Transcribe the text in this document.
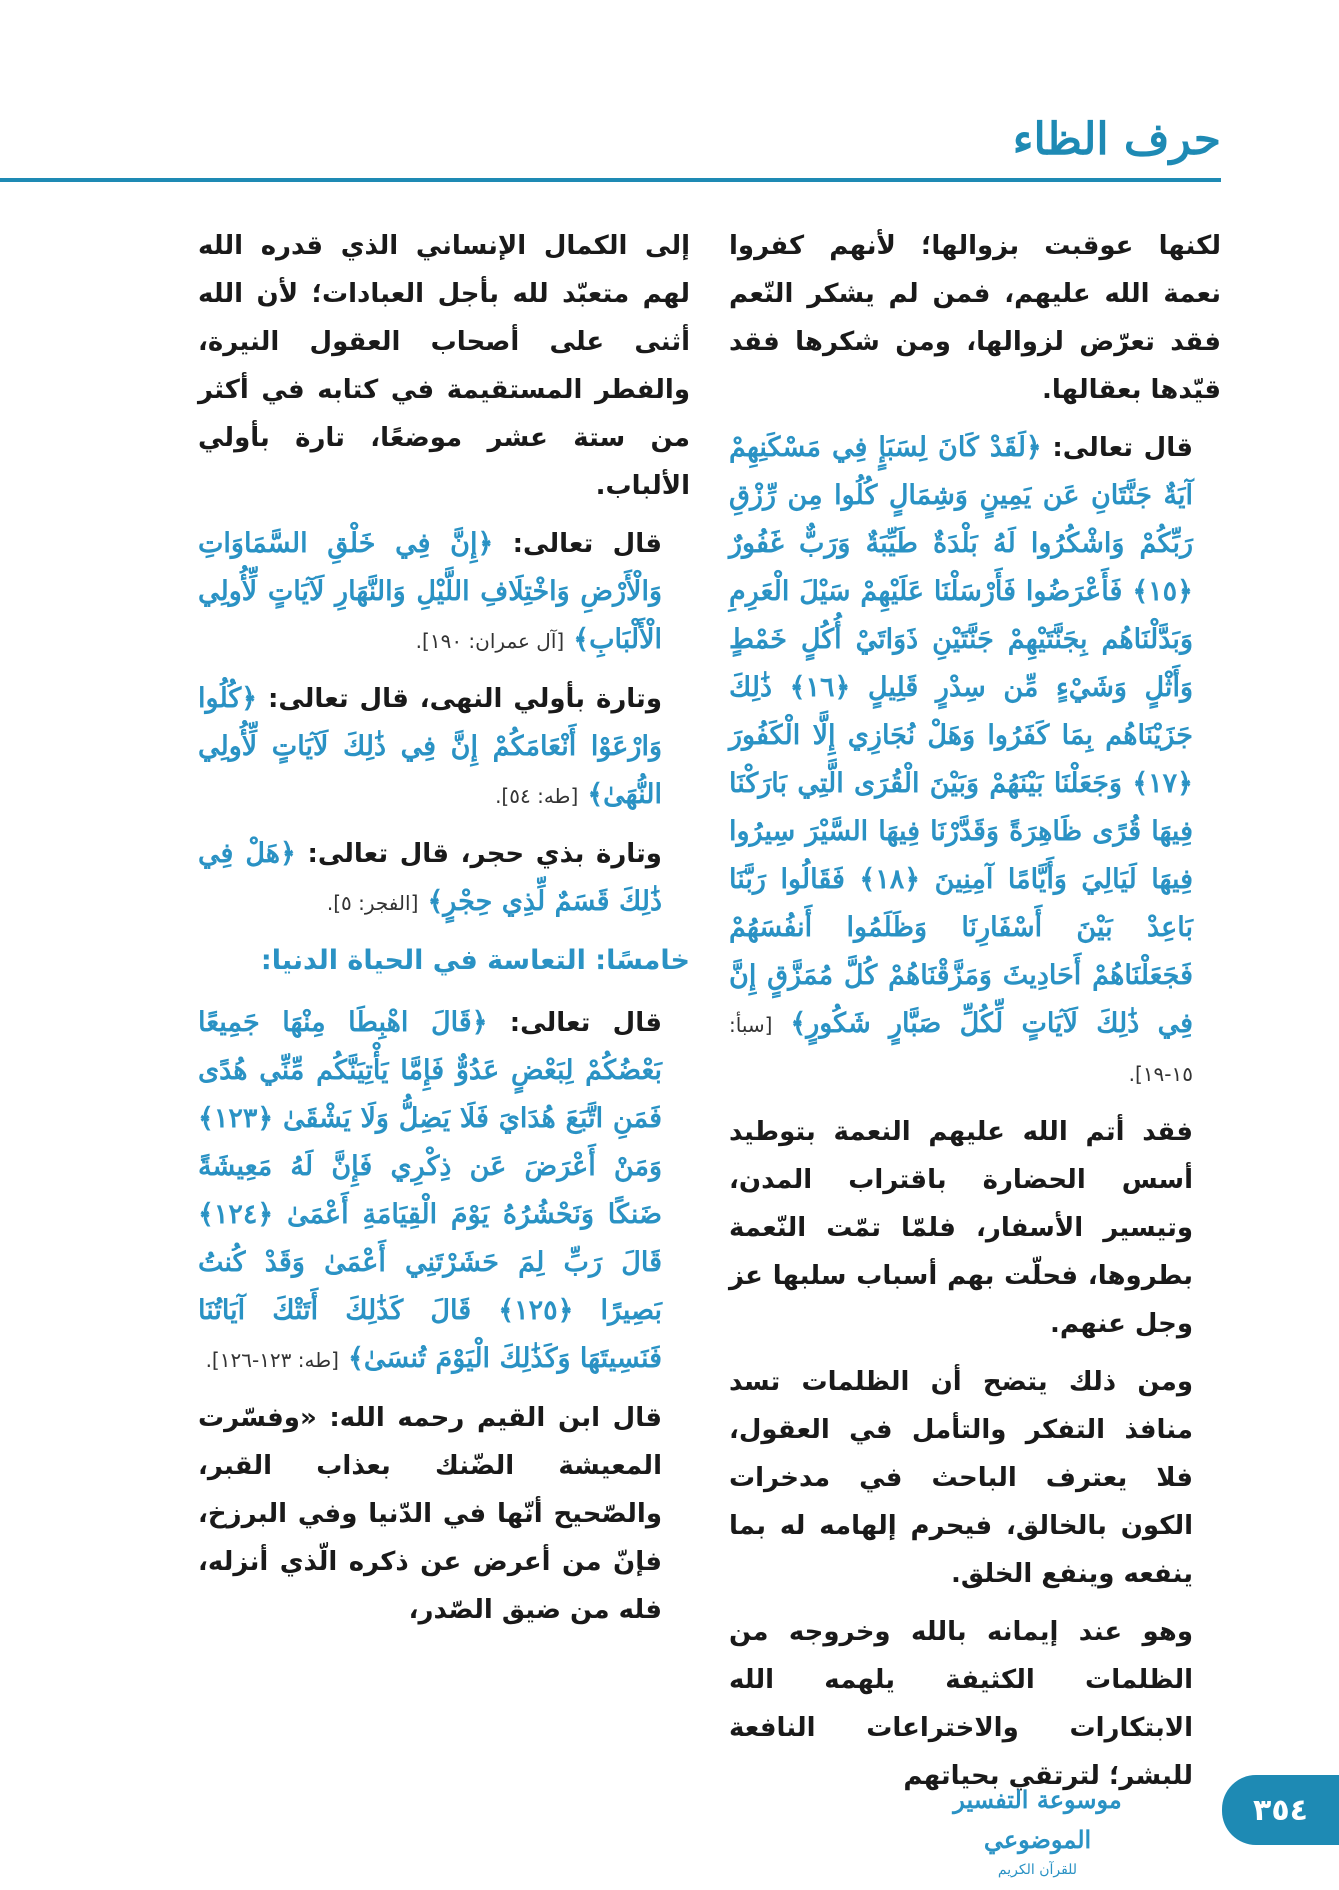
حرف الظاء

لكنها عوقبت بزوالها؛ لأنهم كفروا نعمة الله عليهم، فمن لم يشكر النّعم فقد تعرّض لزوالها، ومن شكرها فقد قيّدها بعقالها.

قال تعالى: ﴿لَقَدْ كَانَ لِسَبَإٍ فِي مَسْكَنِهِمْ آيَةٌ جَنَّتَانِ عَن يَمِينٍ وَشِمَالٍ كُلُوا مِن رِّزْقِ رَبِّكُمْ وَاشْكُرُوا لَهُ بَلْدَةٌ طَيِّبَةٌ وَرَبٌّ غَفُورٌ ﴿١٥﴾ فَأَعْرَضُوا فَأَرْسَلْنَا عَلَيْهِمْ سَيْلَ الْعَرِمِ وَبَدَّلْنَاهُم بِجَنَّتَيْهِمْ جَنَّتَيْنِ ذَوَاتَيْ أُكُلٍ خَمْطٍ وَأَثْلٍ وَشَيْءٍ مِّن سِدْرٍ قَلِيلٍ ﴿١٦﴾ ذَٰلِكَ جَزَيْنَاهُم بِمَا كَفَرُوا وَهَلْ نُجَازِي إِلَّا الْكَفُورَ ﴿١٧﴾ وَجَعَلْنَا بَيْنَهُمْ وَبَيْنَ الْقُرَى الَّتِي بَارَكْنَا فِيهَا قُرًى ظَاهِرَةً وَقَدَّرْنَا فِيهَا السَّيْرَ سِيرُوا فِيهَا لَيَالِيَ وَأَيَّامًا آمِنِينَ ﴿١٨﴾ فَقَالُوا رَبَّنَا بَاعِدْ بَيْنَ أَسْفَارِنَا وَظَلَمُوا أَنفُسَهُمْ فَجَعَلْنَاهُمْ أَحَادِيثَ وَمَزَّقْنَاهُمْ كُلَّ مُمَزَّقٍ إِنَّ فِي ذَٰلِكَ لَآيَاتٍ لِّكُلِّ صَبَّارٍ شَكُورٍ﴾ [سبأ: ١٥-١٩].

فقد أتم الله عليهم النعمة بتوطيد أسس الحضارة باقتراب المدن، وتيسير الأسفار، فلمّا تمّت النّعمة بطروها، فحلّت بهم أسباب سلبها عز وجل عنهم.

ومن ذلك يتضح أن الظلمات تسد منافذ التفكر والتأمل في العقول، فلا يعترف الباحث في مدخرات الكون بالخالق، فيحرم إلهامه له بما ينفعه وينفع الخلق.

وهو عند إيمانه بالله وخروجه من الظلمات الكثيفة يلهمه الله الابتكارات والاختراعات النافعة للبشر؛ لترتقي بحياتهم

إلى الكمال الإنساني الذي قدره الله لهم متعبّد لله بأجل العبادات؛ لأن الله أثنى على أصحاب العقول النيرة، والفطر المستقيمة في كتابه في أكثر من ستة عشر موضعًا، تارة بأولي الألباب.

قال تعالى: ﴿إِنَّ فِي خَلْقِ السَّمَاوَاتِ وَالْأَرْضِ وَاخْتِلَافِ اللَّيْلِ وَالنَّهَارِ لَآيَاتٍ لِّأُولِي الْأَلْبَابِ﴾ [آل عمران: ١٩٠].

وتارة بأولي النهى، قال تعالى: ﴿كُلُوا وَارْعَوْا أَنْعَامَكُمْ إِنَّ فِي ذَٰلِكَ لَآيَاتٍ لِّأُولِي النُّهَىٰ﴾ [طه: ٥٤].

وتارة بذي حجر، قال تعالى: ﴿هَلْ فِي ذَٰلِكَ قَسَمٌ لِّذِي حِجْرٍ﴾ [الفجر: ٥].

خامسًا: التعاسة في الحياة الدنيا:

قال تعالى: ﴿قَالَ اهْبِطَا مِنْهَا جَمِيعًا بَعْضُكُمْ لِبَعْضٍ عَدُوٌّ فَإِمَّا يَأْتِيَنَّكُم مِّنِّي هُدًى فَمَنِ اتَّبَعَ هُدَايَ فَلَا يَضِلُّ وَلَا يَشْقَىٰ ﴿١٢٣﴾ وَمَنْ أَعْرَضَ عَن ذِكْرِي فَإِنَّ لَهُ مَعِيشَةً ضَنكًا وَنَحْشُرُهُ يَوْمَ الْقِيَامَةِ أَعْمَىٰ ﴿١٢٤﴾ قَالَ رَبِّ لِمَ حَشَرْتَنِي أَعْمَىٰ وَقَدْ كُنتُ بَصِيرًا ﴿١٢٥﴾ قَالَ كَذَٰلِكَ أَتَتْكَ آيَاتُنَا فَنَسِيتَهَا وَكَذَٰلِكَ الْيَوْمَ تُنسَىٰ﴾ [طه: ١٢٣-١٢٦].

قال ابن القيم رحمه الله: «وفسّرت المعيشة الضّنك بعذاب القبر، والصّحيح أنّها في الدّنيا وفي البرزخ، فإنّ من أعرض عن ذكره الّذي أنزله، فله من ضيق الصّدر،

موسوعة التفسير الموضوعي
للقرآن الكريم
٣٥٤
